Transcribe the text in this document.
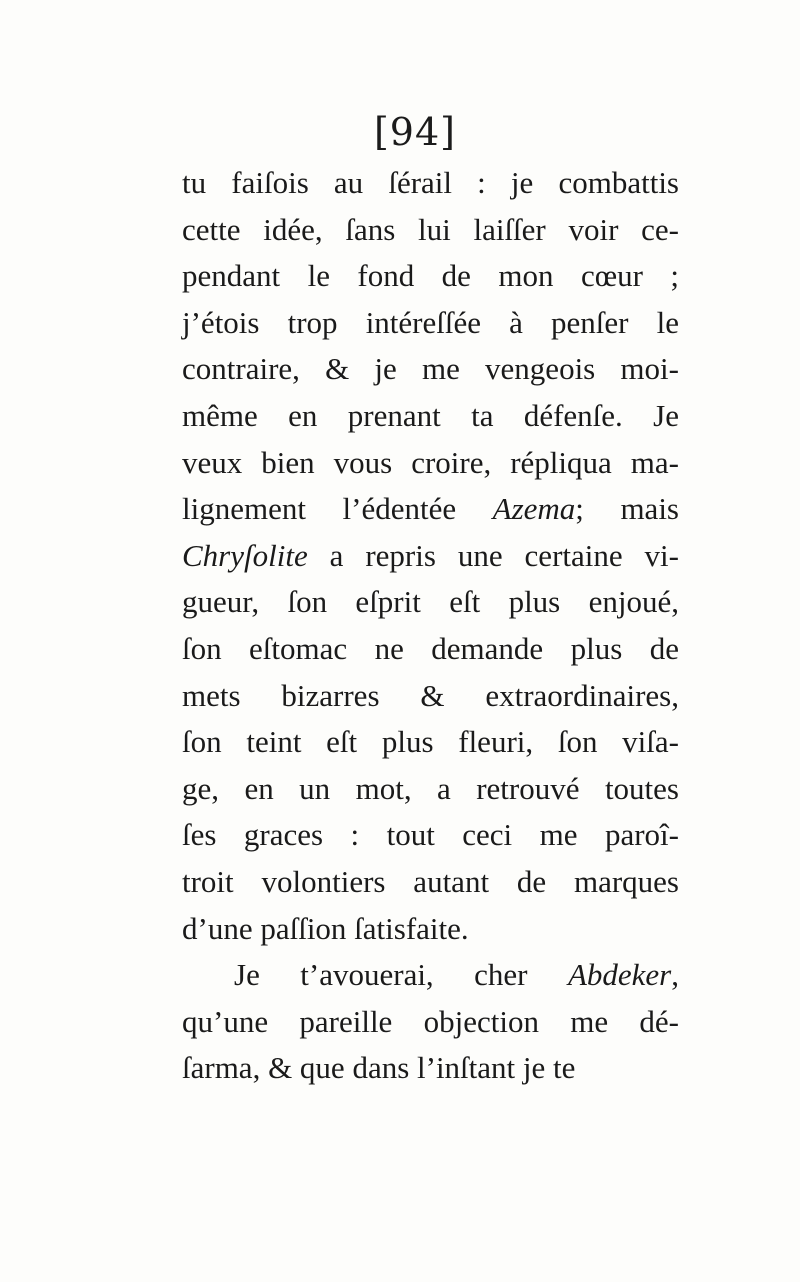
[94]
tu faiſois au ſérail : je combattis
cette idée, ſans lui laiſſer voir ce-
pendant le fond de mon cœur ;
j’étois trop intéreſſée à penſer le
contraire, & je me vengeois moi-
même en prenant ta défenſe. Je
veux bien vous croire, répliqua ma-
lignement l’édentée Azema; mais
Chryſolite a repris une certaine vi-
gueur, ſon eſprit eſt plus enjoué,
ſon eſtomac ne demande plus de
mets bizarres & extraordinaires,
ſon teint eſt plus fleuri, ſon viſa-
ge, en un mot, a retrouvé toutes
ſes graces : tout ceci me paroî-
troit volontiers autant de marques
d’une paſſion ſatisfaite.
Je t’avouerai, cher Abdeker,
qu’une pareille objection me dé-
ſarma, & que dans l’inſtant je te
